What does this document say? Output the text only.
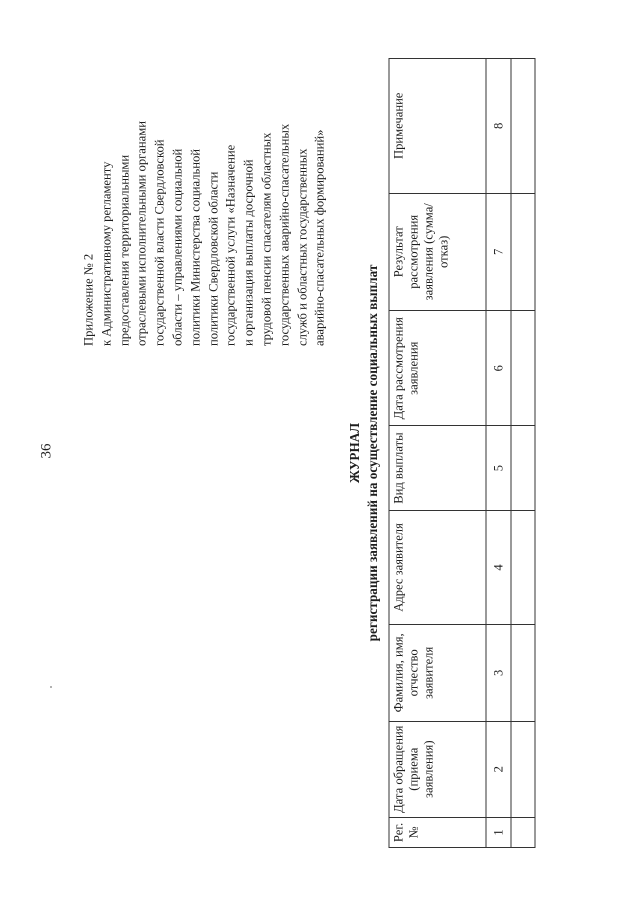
36
Приложение № 2 к Административному регламенту предоставления территориальными отраслевыми исполнительными органами государственной власти Свердловской области – управлениями социальной политики Министерства социальной политики Свердловской области государственной услуги «Назначение и организация выплаты досрочной трудовой пенсии спасателям областных государственных аварийно-спасательных служб и областных государственных аварийно-спасательных формирований»
ЖУРНАЛ регистрации заявлений на осуществление социальных выплат
Рег. №	Дата обращения (приема заявления)	Фамилия, имя, отчество заявителя	Адрес заявителя	Вид выплаты	Дата рассмотрения заявления	Результат рассмотрения заявления (сумма/отказ)	Примечание
1	2	3	4	5	6	7	8
